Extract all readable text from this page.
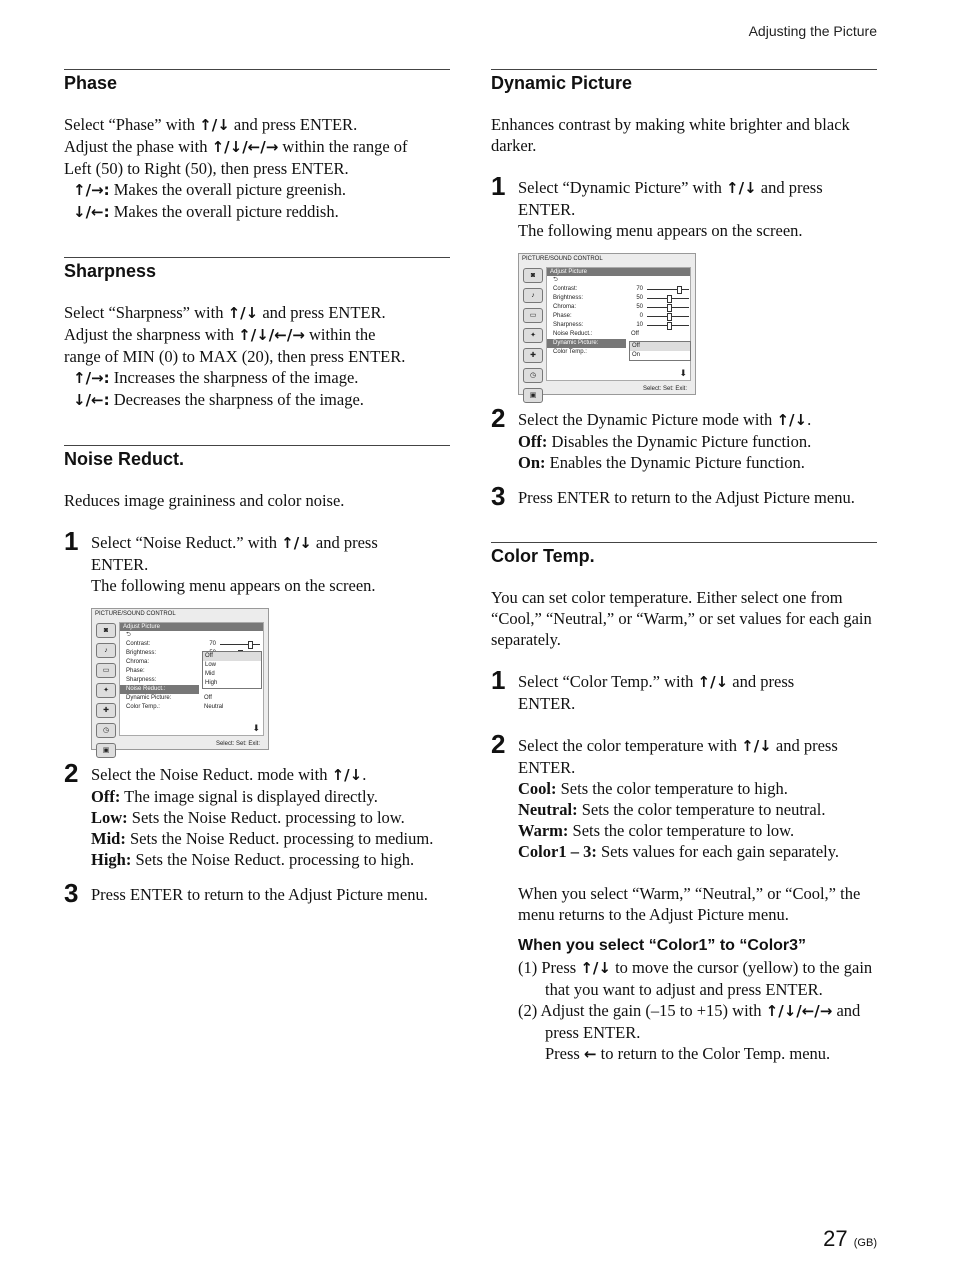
Adjusting the Picture
Phase

Select “Phase” with ↑/↓ and press ENTER.
Adjust the phase with ↑/↓/←/→ within the range of
Left (50) to Right (50), then press ENTER.

↑/→: Makes the overall picture greenish.

↓/←: Makes the overall picture reddish.

Sharpness

Select “Sharpness” with ↑/↓ and press ENTER.
Adjust the sharpness with ↑/↓/←/→ within the
range of MIN (0) to MAX (20), then press ENTER.

↑/→: Increases the sharpness of the image.

↓/←: Decreases the sharpness of the image.

Noise Reduct.

Reduces image graininess and color noise.

1 Select “Noise Reduct.” with ↑/↓ and press
ENTER.
The following menu appears on the screen.

PICTURE/SOUND CONTROL
◙
♪
▭
✦
✚
◷
▣
Adjust Picture
⮌
Contrast:	70
Brightness:
Chroma:
Phase:
Sharpness:
Noise Reduct.:
Dynamic Picture:	Off
Color Temp.:	Neutral
Off
Low
Mid
High
⬇
Select: Set: Exit:
2 Select the Noise Reduct. mode with ↑/↓.

Off: The image signal is displayed directly.

Low: Sets the Noise Reduct. processing to low.

Mid: Sets the Noise Reduct. processing to medium.

High: Sets the Noise Reduct. processing to high.

3 Press ENTER to return to the Adjust Picture menu.

Dynamic Picture

Enhances contrast by making white brighter and black darker.

1 Select “Dynamic Picture” with ↑/↓ and press
ENTER.
The following menu appears on the screen.

PICTURE/SOUND CONTROL
◙
♪
▭
✦
✚
◷
▣
Adjust Picture
⮌
Contrast:	70
Brightness:	50
Chroma:	50
Phase:	0
Sharpness:	10
Noise Reduct.:	Off
Dynamic Picture:
Color Temp.:
Off
On
⬇
Select: Set: Exit:
2 Select the Dynamic Picture mode with ↑/↓.

Off: Disables the Dynamic Picture function.

On: Enables the Dynamic Picture function.

3 Press ENTER to return to the Adjust Picture menu.

Color Temp.

You can set color temperature. Either select one from “Cool,” “Neutral,” or “Warm,” or set values for each gain separately.

1 Select “Color Temp.” with ↑/↓ and press
ENTER.

2 Select the color temperature with ↑/↓ and press
ENTER.

Cool: Sets the color temperature to high.

Neutral: Sets the color temperature to neutral.

Warm: Sets the color temperature to low.

Color1 – 3: Sets values for each gain separately.

When you select “Warm,” “Neutral,” or “Cool,” the menu returns to the Adjust Picture menu.

When you select “Color1” to “Color3”

(1) Press ↑/↓ to move the cursor (yellow) to the gain that you want to adjust and press ENTER.

(2) Adjust the gain (–15 to +15) with ↑/↓/←/→ and press ENTER.

Press ← to return to the Color Temp. menu.

27 (GB)
